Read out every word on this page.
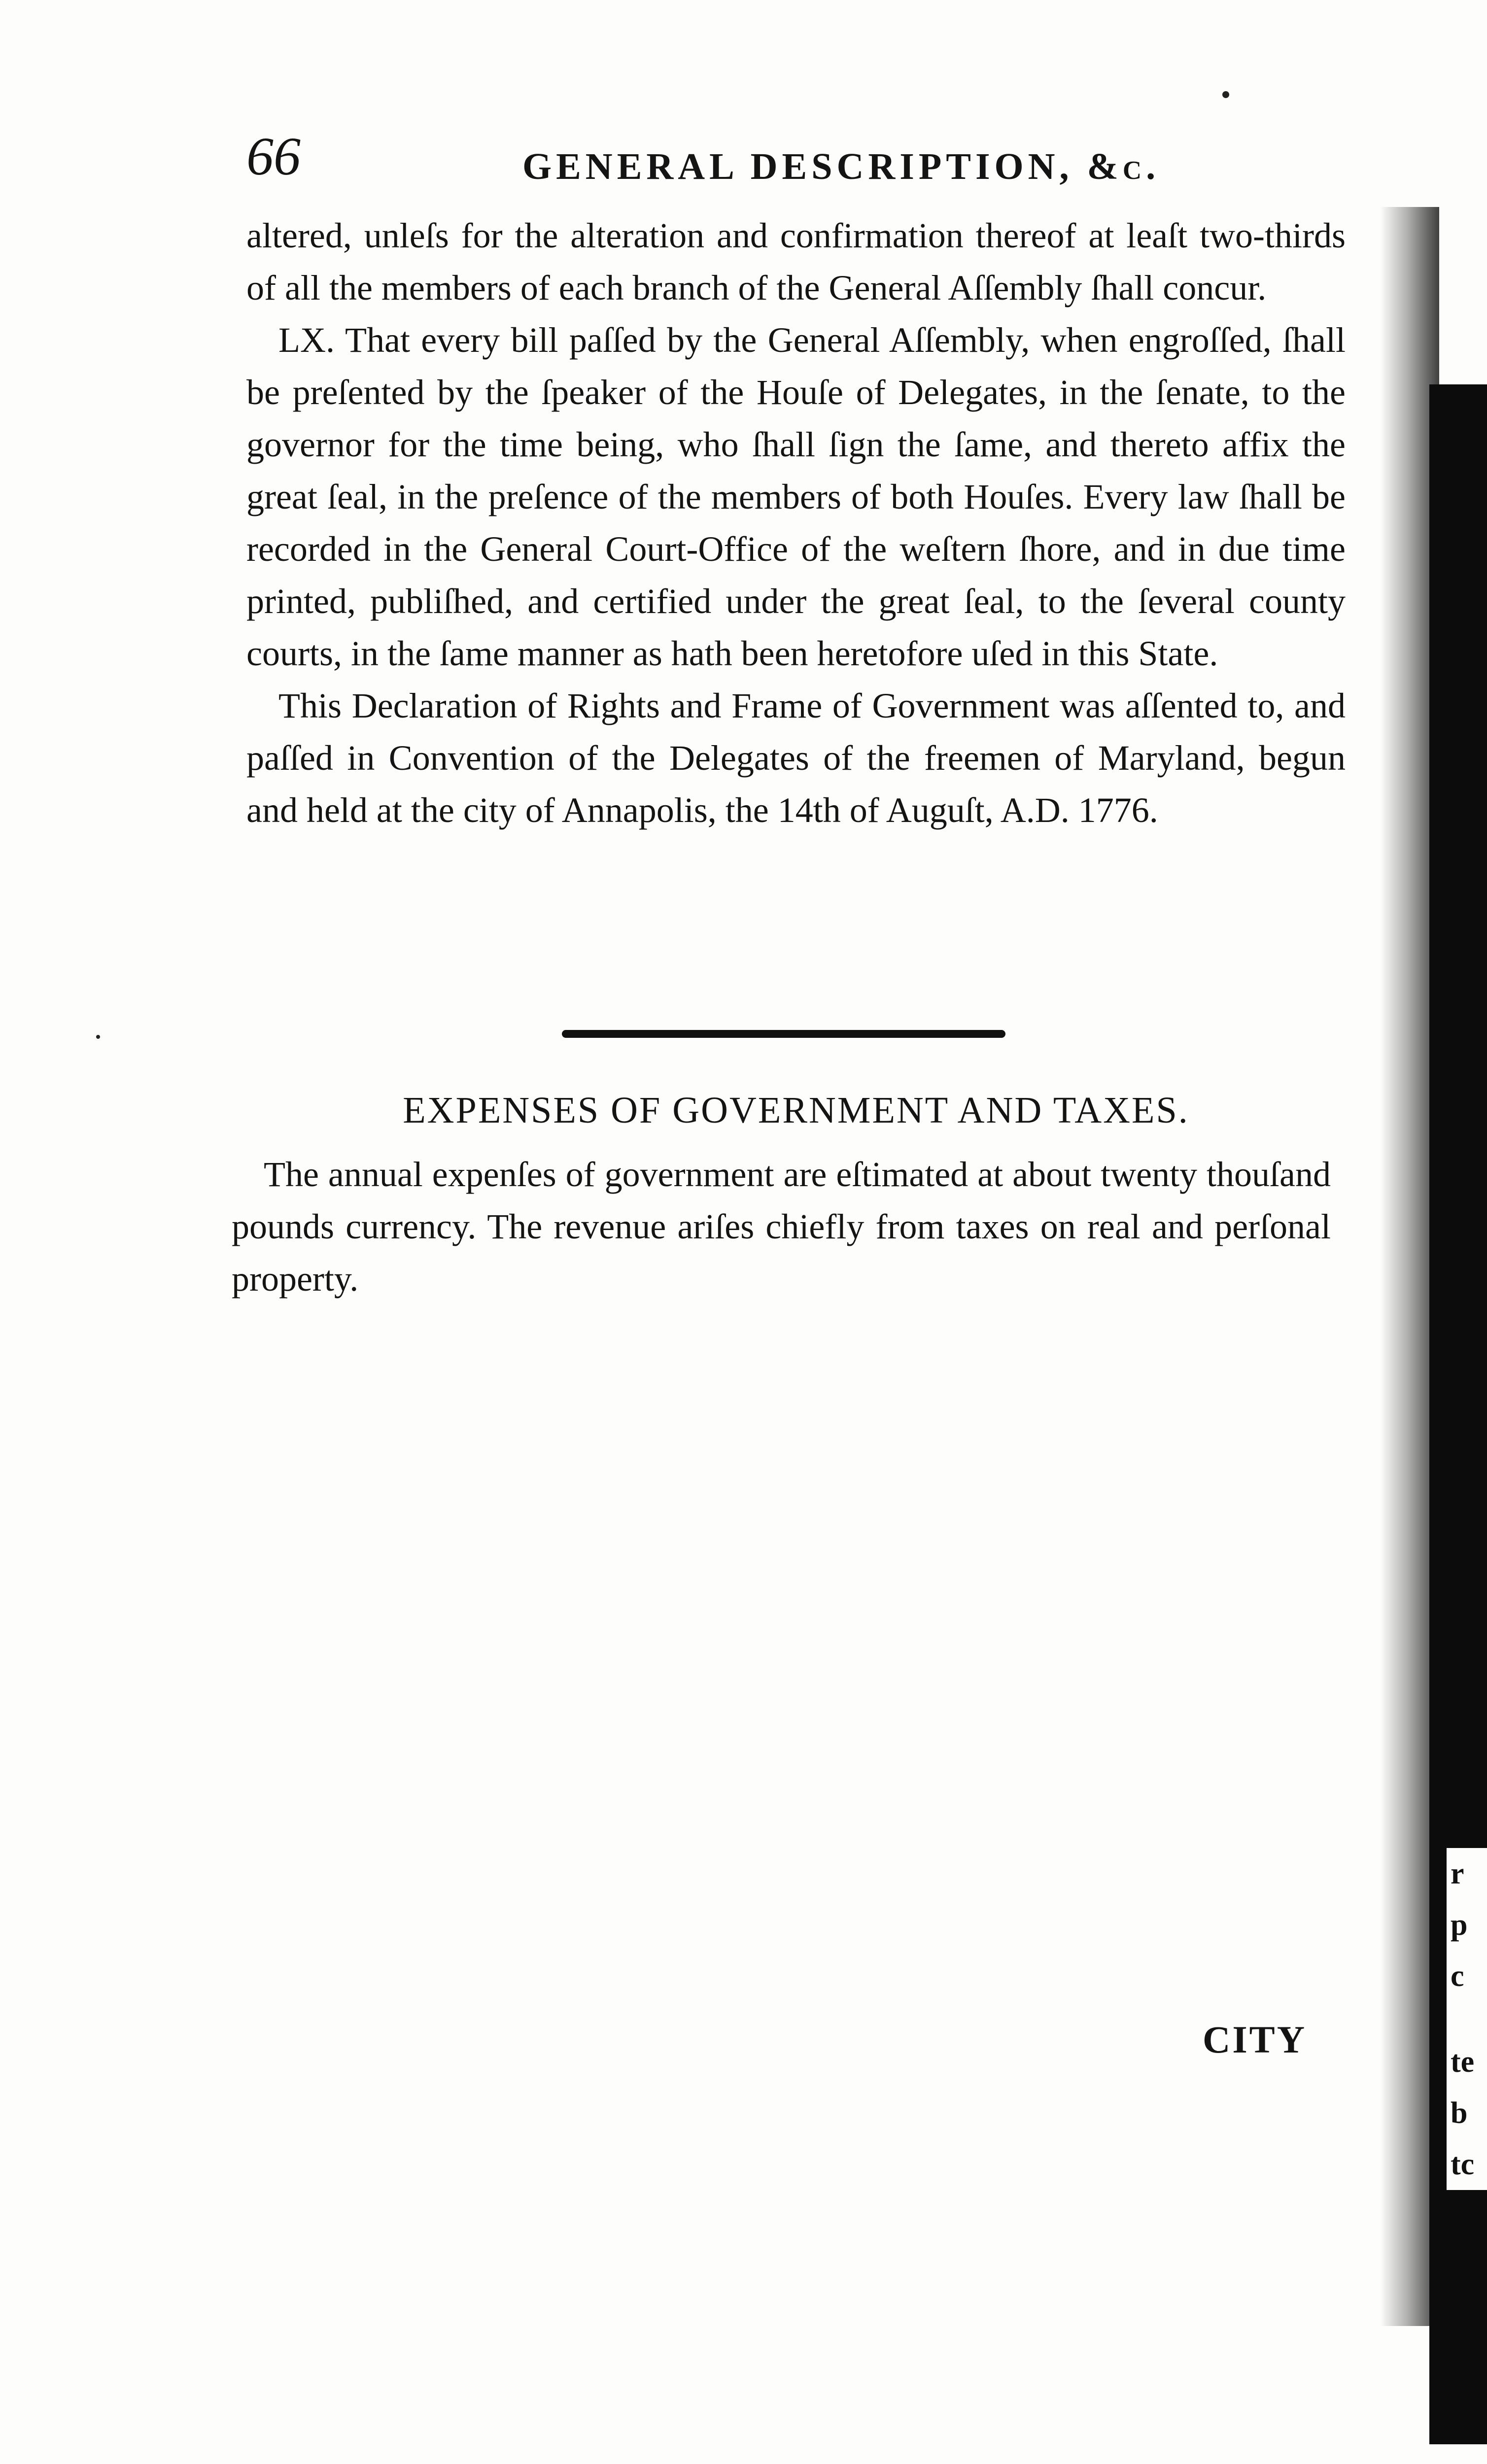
66	GENERAL DESCRIPTION, &c.

altered, unleſs for the alteration and confirmation thereof at leaſt two-thirds of all the members of each branch of the General Aſſembly ſhall concur.

LX. That every bill paſſed by the General Aſſembly, when engroſſed, ſhall be preſented by the ſpeaker of the Houſe of Delegates, in the ſenate, to the governor for the time being, who ſhall ſign the ſame, and thereto affix the great ſeal, in the preſence of the members of both Houſes. Every law ſhall be recorded in the General Court-Office of the weſtern ſhore, and in due time printed, publiſhed, and certified under the great ſeal, to the ſeveral county courts, in the ſame manner as hath been heretofore uſed in this State.

This Declaration of Rights and Frame of Government was aſſented to, and paſſed in Convention of the Delegates of the freemen of Maryland, begun and held at the city of Annapolis, the 14th of Auguſt, A.D. 1776.

EXPENSES OF GOVERNMENT AND TAXES.

The annual expenſes of government are eſtimated at about twenty thouſand pounds currency. The revenue ariſes chiefly from taxes on real and perſonal property.

CITY
r
p
c
te
b
tc
